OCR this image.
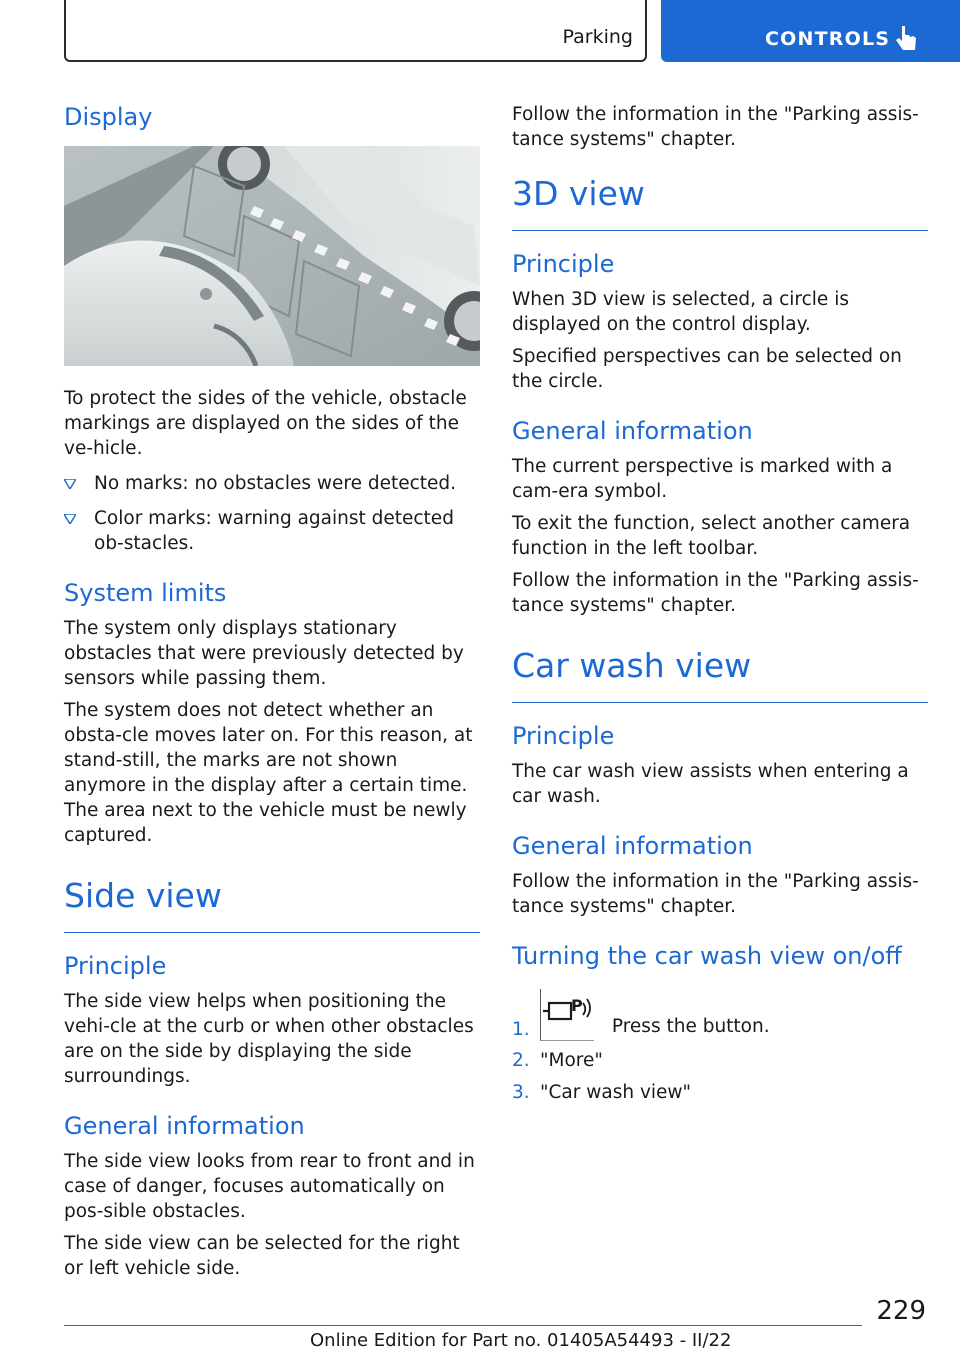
Parking	CONTROLS
Display

To protect the sides of the vehicle, obstacle markings are displayed on the sides of the ve-hicle.

No marks: no obstacles were detected.
Color marks: warning against detected ob-stacles.
System limits

The system only displays stationary obstacles that were previously detected by sensors while passing them.

The system does not detect whether an obsta-cle moves later on. For this reason, at stand-still, the marks are not shown anymore in the display after a certain time. The area next to the vehicle must be newly captured.

Side view
Principle

The side view helps when positioning the vehi-cle at the curb or when other obstacles are on the side by displaying the side surroundings.

General information

The side view looks from rear to front and in case of danger, focuses automatically on pos-sible obstacles.

The side view can be selected for the right or left vehicle side.

Follow the information in the "Parking assis-tance systems" chapter.

3D view
Principle

When 3D view is selected, a circle is displayed on the control display.

Specified perspectives can be selected on the circle.

General information

The current perspective is marked with a cam-era symbol.

To exit the function, select another camera function in the left toolbar.

Follow the information in the "Parking assis-tance systems" chapter.

Car wash view
Principle

The car wash view assists when entering a car wash.

General information

Follow the information in the "Parking assis-tance systems" chapter.

Turning the car wash view on/off
1.
P
Press the button.
2. "More"
3. "Car wash view"
229
Online Edition for Part no. 01405A54493 - II/22
